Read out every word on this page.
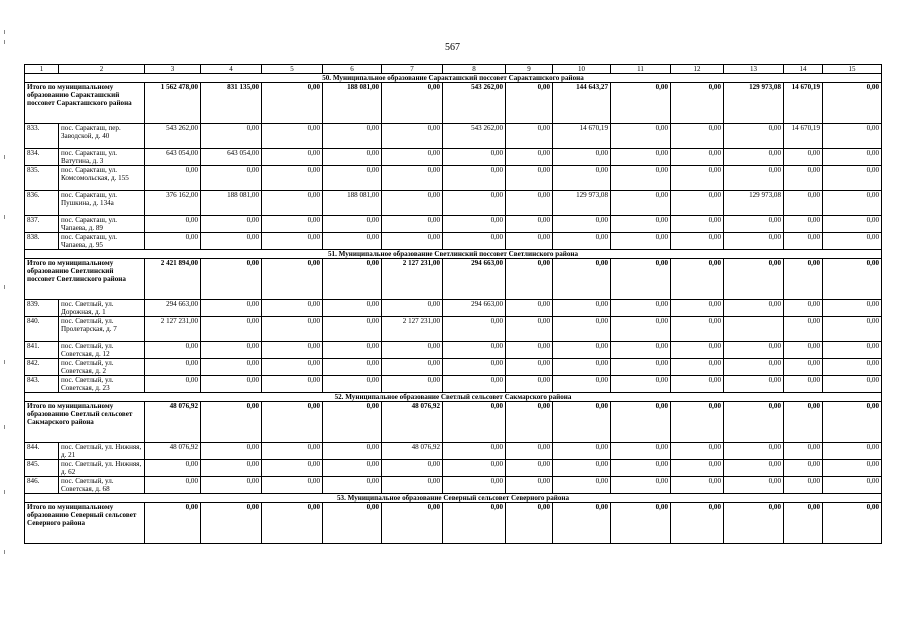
567
1	2	3	4	5	6	7	8	9	10	11	12	13	14	15
50. Муниципальное образование Саракташский поссовет Саракташского района														
Итого по муниципальному образованию Саракташский поссовет Саракташского района		1 562 478,00	831 135,00	0,00	188 081,00	0,00	543 262,00	0,00	144 643,27	0,00	0,00	129 973,08	14 670,19	0,00
833.	пос. Саракташ, пер. Заводской, д. 40	543 262,00	0,00	0,00	0,00	0,00	543 262,00	0,00	14 670,19	0,00	0,00	0,00	14 670,19	0,00
834.	пос. Саракташ, ул. Ватутина, д. 3	643 054,00	643 054,00	0,00	0,00	0,00	0,00	0,00	0,00	0,00	0,00	0,00	0,00	0,00
835.	пос. Саракташ, ул. Комсомольская, д. 155	0,00	0,00	0,00	0,00	0,00	0,00	0,00	0,00	0,00	0,00	0,00	0,00	0,00
836.	пос. Саракташ, ул. Пушкина, д. 134а	376 162,00	188 081,00	0,00	188 081,00	0,00	0,00	0,00	129 973,08	0,00	0,00	129 973,08	0,00	0,00
837.	пос. Саракташ, ул. Чапаева, д. 89	0,00	0,00	0,00	0,00	0,00	0,00	0,00	0,00	0,00	0,00	0,00	0,00	0,00
838.	пос. Саракташ, ул. Чапаева, д. 95	0,00	0,00	0,00	0,00	0,00	0,00	0,00	0,00	0,00	0,00	0,00	0,00	0,00
51. Муниципальное образование Светлинский поссовет Светлинского района														
Итого по муниципальному образованию Светлинский поссовет Светлинского района		2 421 894,00	0,00	0,00	0,00	2 127 231,00	294 663,00	0,00	0,00	0,00	0,00	0,00	0,00	0,00
839.	пос. Светлый, ул. Дорожная, д. 1	294 663,00	0,00	0,00	0,00	0,00	294 663,00	0,00	0,00	0,00	0,00	0,00	0,00	0,00
840.	пос. Светлый, ул. Пролетарская, д. 7	2 127 231,00	0,00	0,00	0,00	2 127 231,00	0,00	0,00	0,00	0,00	0,00		0,00	0,00
841.	пос. Светлый, ул. Советская, д. 12	0,00	0,00	0,00	0,00	0,00	0,00	0,00	0,00	0,00	0,00	0,00	0,00	0,00
842.	пос. Светлый, ул. Советская, д. 2	0,00	0,00	0,00	0,00	0,00	0,00	0,00	0,00	0,00	0,00	0,00	0,00	0,00
843.	пос. Светлый, ул. Советская, д. 23	0,00	0,00	0,00	0,00	0,00	0,00	0,00	0,00	0,00	0,00	0,00	0,00	0,00
52. Муниципальное образование Светлый сельсовет Сакмарского района														
Итого по муниципальному образованию Светлый сельсовет Сакмарского района		48 076,92	0,00	0,00	0,00	48 076,92	0,00	0,00	0,00	0,00	0,00	0,00	0,00	0,00
844.	пос. Светлый, ул. Нижняя, д. 21	48 076,92	0,00	0,00	0,00	48 076,92	0,00	0,00	0,00	0,00	0,00	0,00	0,00	0,00
845.	пос. Светлый, ул. Нижняя, д. 62	0,00	0,00	0,00	0,00	0,00	0,00	0,00	0,00	0,00	0,00	0,00	0,00	0,00
846.	пос. Светлый, ул. Советская, д. 68	0,00	0,00	0,00	0,00	0,00	0,00	0,00	0,00	0,00	0,00	0,00	0,00	0,00
53. Муниципальное образование Северный сельсовет Северного района														
Итого по муниципальному образованию Северный сельсовет Северного района		0,00	0,00	0,00	0,00	0,00	0,00	0,00	0,00	0,00	0,00	0,00	0,00	0,00
